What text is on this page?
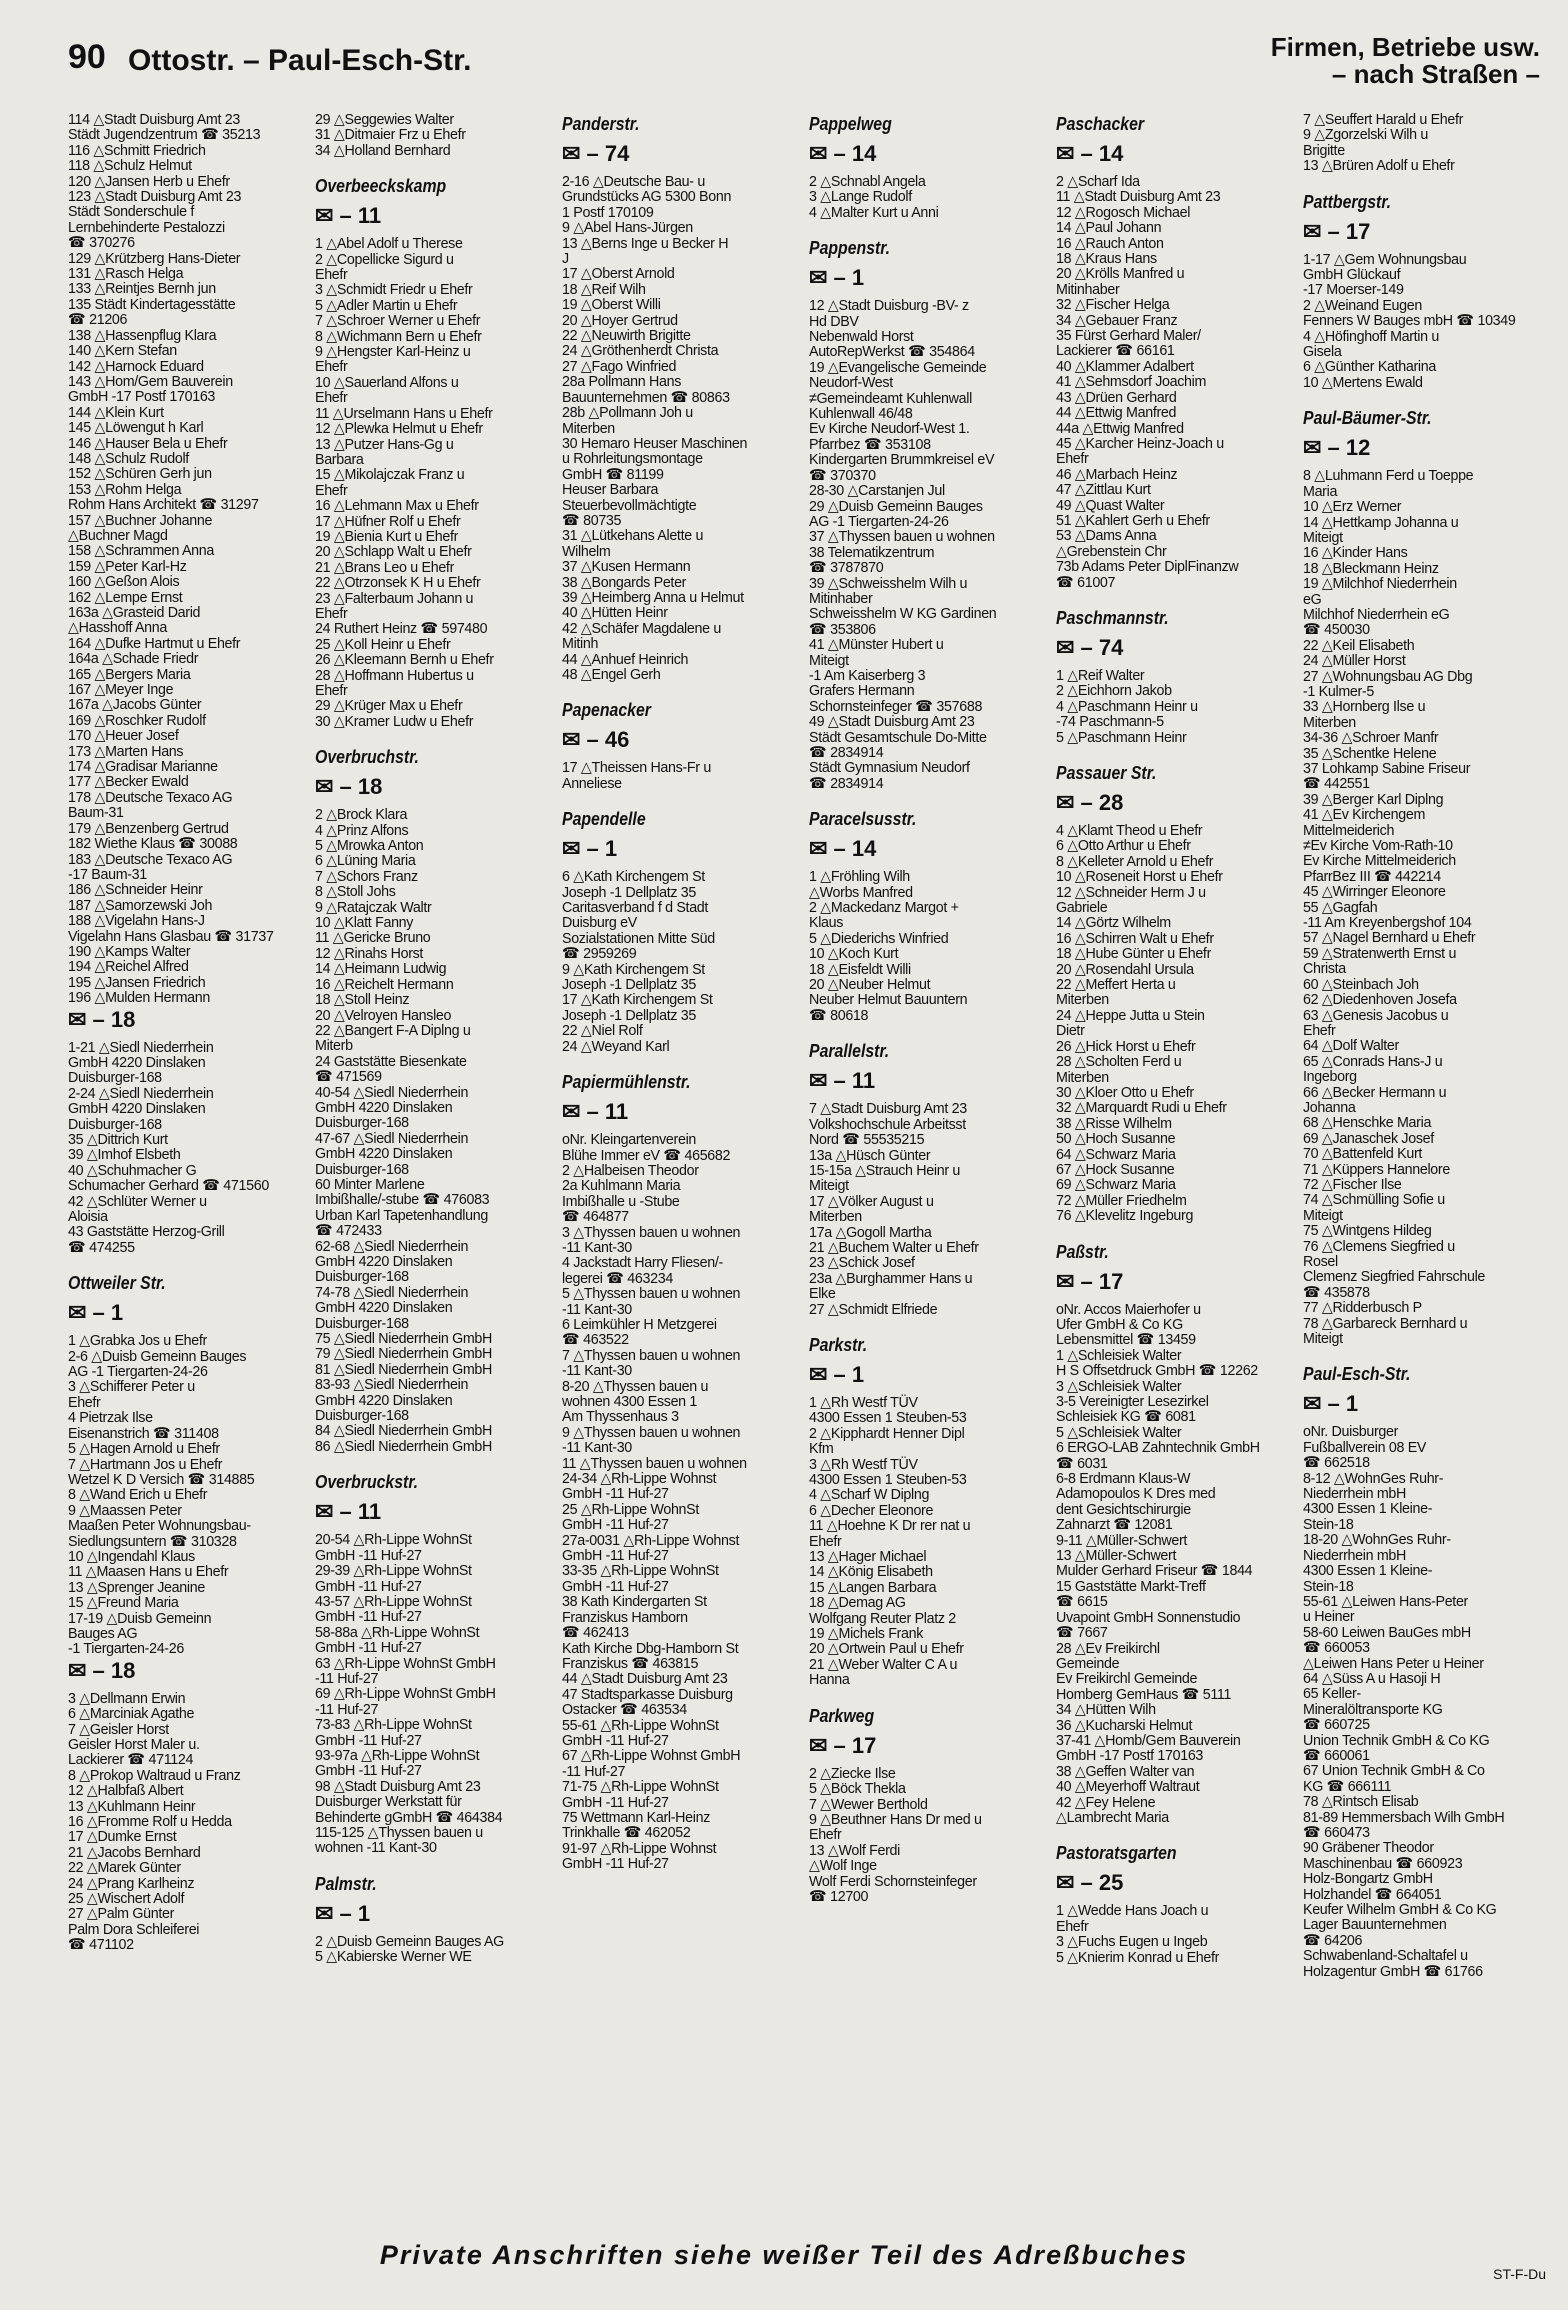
90 Ottostr. – Paul-Esch-Str.	Firmen, Betriebe usw.
– nach Straßen –
114 △Stadt Duisburg Amt 23
Städt Jugendzentrum ☎ 35213
116 △Schmitt Friedrich
118 △Schulz Helmut
120 △Jansen Herb u Ehefr
123 △Stadt Duisburg Amt 23
Städt Sonderschule f
Lernbehinderte Pestalozzi
☎ 370276
129 △Krützberg Hans-Dieter
131 △Rasch Helga
133 △Reintjes Bernh jun
135 Städt Kindertagesstätte
☎ 21206
138 △Hassenpflug Klara
140 △Kern Stefan
142 △Harnock Eduard
143 △Hom/Gem Bauverein
GmbH -17 Postf 170163
144 △Klein Kurt
145 △Löwengut h Karl
146 △Hauser Bela u Ehefr
148 △Schulz Rudolf
152 △Schüren Gerh jun
153 △Rohm Helga
Rohm Hans Architekt ☎ 31297
157 △Buchner Johanne
△Buchner Magd
158 △Schrammen Anna
159 △Peter Karl-Hz
160 △Geßon Alois
162 △Lempe Ernst
163a △Grasteid Darid
△Hasshoff Anna
164 △Dufke Hartmut u Ehefr
164a △Schade Friedr
165 △Bergers Maria
167 △Meyer Inge
167a △Jacobs Günter
169 △Roschker Rudolf
170 △Heuer Josef
173 △Marten Hans
174 △Gradisar Marianne
177 △Becker Ewald
178 △Deutsche Texaco AG
Baum-31
179 △Benzenberg Gertrud
182 Wiethe Klaus ☎ 30088
183 △Deutsche Texaco AG
-17 Baum-31
186 △Schneider Heinr
187 △Samorzewski Joh
188 △Vigelahn Hans-J
Vigelahn Hans Glasbau ☎ 31737
190 △Kamps Walter
194 △Reichel Alfred
195 △Jansen Friedrich
196 △Mulden Hermann
✉ – 18
1-21 △Siedl Niederrhein
GmbH 4220 Dinslaken
Duisburger-168
2-24 △Siedl Niederrhein
GmbH 4220 Dinslaken
Duisburger-168
35 △Dittrich Kurt
39 △Imhof Elsbeth
40 △Schuhmacher G
Schumacher Gerhard ☎ 471560
42 △Schlüter Werner u
Aloisia
43 Gaststätte Herzog-Grill
☎ 474255
Ottweiler Str.
✉ – 1
1 △Grabka Jos u Ehefr
2-6 △Duisb Gemeinn Bauges
AG -1 Tiergarten-24-26
3 △Schifferer Peter u
Ehefr
4 Pietrzak Ilse
Eisenanstrich ☎ 311408
5 △Hagen Arnold u Ehefr
7 △Hartmann Jos u Ehefr
Wetzel K D Versich ☎ 314885
8 △Wand Erich u Ehefr
9 △Maassen Peter
Maaßen Peter Wohnungsbau-
Siedlungsuntern ☎ 310328
10 △Ingendahl Klaus
11 △Maasen Hans u Ehefr
13 △Sprenger Jeanine
15 △Freund Maria
17-19 △Duisb Gemeinn
Bauges AG
-1 Tiergarten-24-26
✉ – 18
3 △Dellmann Erwin
6 △Marciniak Agathe
7 △Geisler Horst
Geisler Horst Maler u.
Lackierer ☎ 471124
8 △Prokop Waltraud u Franz
12 △Halbfaß Albert
13 △Kuhlmann Heinr
16 △Fromme Rolf u Hedda
17 △Dumke Ernst
21 △Jacobs Bernhard
22 △Marek Günter
24 △Prang Karlheinz
25 △Wischert Adolf
27 △Palm Günter
Palm Dora Schleiferei
☎ 471102
29 △Seggewies Walter
31 △Ditmaier Frz u Ehefr
34 △Holland Bernhard
Overbeeckskamp
✉ – 11
1 △Abel Adolf u Therese
2 △Copellicke Sigurd u
Ehefr
3 △Schmidt Friedr u Ehefr
5 △Adler Martin u Ehefr
7 △Schroer Werner u Ehefr
8 △Wichmann Bern u Ehefr
9 △Hengster Karl-Heinz u
Ehefr
10 △Sauerland Alfons u
Ehefr
11 △Urselmann Hans u Ehefr
12 △Plewka Helmut u Ehefr
13 △Putzer Hans-Gg u
Barbara
15 △Mikolajczak Franz u
Ehefr
16 △Lehmann Max u Ehefr
17 △Hüfner Rolf u Ehefr
19 △Bienia Kurt u Ehefr
20 △Schlapp Walt u Ehefr
21 △Brans Leo u Ehefr
22 △Otrzonsek K H u Ehefr
23 △Falterbaum Johann u
Ehefr
24 Ruthert Heinz ☎ 597480
25 △Koll Heinr u Ehefr
26 △Kleemann Bernh u Ehefr
28 △Hoffmann Hubertus u
Ehefr
29 △Krüger Max u Ehefr
30 △Kramer Ludw u Ehefr
Overbruchstr.
✉ – 18
2 △Brock Klara
4 △Prinz Alfons
5 △Mrowka Anton
6 △Lüning Maria
7 △Schors Franz
8 △Stoll Johs
9 △Ratajczak Waltr
10 △Klatt Fanny
11 △Gericke Bruno
12 △Rinahs Horst
14 △Heimann Ludwig
16 △Reichelt Hermann
18 △Stoll Heinz
20 △Velroyen Hansleo
22 △Bangert F-A Diplng u
Miterb
24 Gaststätte Biesenkate
☎ 471569
40-54 △Siedl Niederrhein
GmbH 4220 Dinslaken
Duisburger-168
47-67 △Siedl Niederrhein
GmbH 4220 Dinslaken
Duisburger-168
60 Minter Marlene
Imbißhalle/-stube ☎ 476083
Urban Karl Tapetenhandlung
☎ 472433
62-68 △Siedl Niederrhein
GmbH 4220 Dinslaken
Duisburger-168
74-78 △Siedl Niederrhein
GmbH 4220 Dinslaken
Duisburger-168
75 △Siedl Niederrhein GmbH
79 △Siedl Niederrhein GmbH
81 △Siedl Niederrhein GmbH
83-93 △Siedl Niederrhein
GmbH 4220 Dinslaken
Duisburger-168
84 △Siedl Niederrhein GmbH
86 △Siedl Niederrhein GmbH
Overbruckstr.
✉ – 11
20-54 △Rh-Lippe WohnSt
GmbH -11 Huf-27
29-39 △Rh-Lippe WohnSt
GmbH -11 Huf-27
43-57 △Rh-Lippe WohnSt
GmbH -11 Huf-27
58-88a △Rh-Lippe WohnSt
GmbH -11 Huf-27
63 △Rh-Lippe WohnSt GmbH
-11 Huf-27
69 △Rh-Lippe WohnSt GmbH
-11 Huf-27
73-83 △Rh-Lippe WohnSt
GmbH -11 Huf-27
93-97a △Rh-Lippe WohnSt
GmbH -11 Huf-27
98 △Stadt Duisburg Amt 23
Duisburger Werkstatt für
Behinderte gGmbH ☎ 464384
115-125 △Thyssen bauen u
wohnen -11 Kant-30
Palmstr.
✉ – 1
2 △Duisb Gemeinn Bauges AG
5 △Kabierske Werner WE
Panderstr.
✉ – 74
2-16 △Deutsche Bau- u
Grundstücks AG 5300 Bonn
1 Postf 170109
9 △Abel Hans-Jürgen
13 △Berns Inge u Becker H
J
17 △Oberst Arnold
18 △Reif Wilh
19 △Oberst Willi
20 △Hoyer Gertrud
22 △Neuwirth Brigitte
24 △Gröthenherdt Christa
27 △Fago Winfried
28a Pollmann Hans
Bauunternehmen ☎ 80863
28b △Pollmann Joh u
Miterben
30 Hemaro Heuser Maschinen
u Rohrleitungsmontage
GmbH ☎ 81199
Heuser Barbara
Steuerbevollmächtigte
☎ 80735
31 △Lütkehans Alette u
Wilhelm
37 △Kusen Hermann
38 △Bongards Peter
39 △Heimberg Anna u Helmut
40 △Hütten Heinr
42 △Schäfer Magdalene u
Mitinh
44 △Anhuef Heinrich
48 △Engel Gerh
Papenacker
✉ – 46
17 △Theissen Hans-Fr u
Anneliese
Papendelle
✉ – 1
6 △Kath Kirchengem St
Joseph -1 Dellplatz 35
Caritasverband f d Stadt
Duisburg eV
Sozialstationen Mitte Süd
☎ 2959269
9 △Kath Kirchengem St
Joseph -1 Dellplatz 35
17 △Kath Kirchengem St
Joseph -1 Dellplatz 35
22 △Niel Rolf
24 △Weyand Karl
Papiermühlenstr.
✉ – 11
oNr. Kleingartenverein
Blühe Immer eV ☎ 465682
2 △Halbeisen Theodor
2a Kuhlmann Maria
Imbißhalle u -Stube
☎ 464877
3 △Thyssen bauen u wohnen
-11 Kant-30
4 Jackstadt Harry Fliesen/-
legerei ☎ 463234
5 △Thyssen bauen u wohnen
-11 Kant-30
6 Leimkühler H Metzgerei
☎ 463522
7 △Thyssen bauen u wohnen
-11 Kant-30
8-20 △Thyssen bauen u
wohnen 4300 Essen 1
Am Thyssenhaus 3
9 △Thyssen bauen u wohnen
-11 Kant-30
11 △Thyssen bauen u wohnen
24-34 △Rh-Lippe Wohnst
GmbH -11 Huf-27
25 △Rh-Lippe WohnSt
GmbH -11 Huf-27
27a-0031 △Rh-Lippe Wohnst
GmbH -11 Huf-27
33-35 △Rh-Lippe WohnSt
GmbH -11 Huf-27
38 Kath Kindergarten St
Franziskus Hamborn
☎ 462413
Kath Kirche Dbg-Hamborn St
Franziskus ☎ 463815
44 △Stadt Duisburg Amt 23
47 Stadtsparkasse Duisburg
Ostacker ☎ 463534
55-61 △Rh-Lippe WohnSt
GmbH -11 Huf-27
67 △Rh-Lippe Wohnst GmbH
-11 Huf-27
71-75 △Rh-Lippe WohnSt
GmbH -11 Huf-27
75 Wettmann Karl-Heinz
Trinkhalle ☎ 462052
91-97 △Rh-Lippe Wohnst
GmbH -11 Huf-27
Pappelweg
✉ – 14
2 △Schnabl Angela
3 △Lange Rudolf
4 △Malter Kurt u Anni
Pappenstr.
✉ – 1
12 △Stadt Duisburg -BV- z
Hd DBV
Nebenwald Horst
AutoRepWerkst ☎ 354864
19 △Evangelische Gemeinde
Neudorf-West
≠Gemeindeamt Kuhlenwall
Kuhlenwall 46/48
Ev Kirche Neudorf-West 1.
Pfarrbez ☎ 353108
Kindergarten Brummkreisel eV
☎ 370370
28-30 △Carstanjen Jul
29 △Duisb Gemeinn Bauges
AG -1 Tiergarten-24-26
37 △Thyssen bauen u wohnen
38 Telematikzentrum
☎ 3787870
39 △Schweisshelm Wilh u
Mitinhaber
Schweisshelm W KG Gardinen
☎ 353806
41 △Münster Hubert u
Miteigt
-1 Am Kaiserberg 3
Grafers Hermann
Schornsteinfeger ☎ 357688
49 △Stadt Duisburg Amt 23
Städt Gesamtschule Do-Mitte
☎ 2834914
Städt Gymnasium Neudorf
☎ 2834914
Paracelsusstr.
✉ – 14
1 △Fröhling Wilh
△Worbs Manfred
2 △Mackedanz Margot +
Klaus
5 △Diederichs Winfried
10 △Koch Kurt
18 △Eisfeldt Willi
20 △Neuber Helmut
Neuber Helmut Bauuntern
☎ 80618
Parallelstr.
✉ – 11
7 △Stadt Duisburg Amt 23
Volkshochschule Arbeitsst
Nord ☎ 55535215
13a △Hüsch Günter
15-15a △Strauch Heinr u
Miteigt
17 △Völker August u
Miterben
17a △Gogoll Martha
21 △Buchem Walter u Ehefr
23 △Schick Josef
23a △Burghammer Hans u
Elke
27 △Schmidt Elfriede
Parkstr.
✉ – 1
1 △Rh Westf TÜV
4300 Essen 1 Steuben-53
2 △Kipphardt Henner Dipl
Kfm
3 △Rh Westf TÜV
4300 Essen 1 Steuben-53
4 △Scharf W Diplng
6 △Decher Eleonore
11 △Hoehne K Dr rer nat u
Ehefr
13 △Hager Michael
14 △König Elisabeth
15 △Langen Barbara
18 △Demag AG
Wolfgang Reuter Platz 2
19 △Michels Frank
20 △Ortwein Paul u Ehefr
21 △Weber Walter C A u
Hanna
Parkweg
✉ – 17
2 △Ziecke Ilse
5 △Böck Thekla
7 △Wewer Berthold
9 △Beuthner Hans Dr med u
Ehefr
13 △Wolf Ferdi
△Wolf Inge
Wolf Ferdi Schornsteinfeger
☎ 12700
Paschacker
✉ – 14
2 △Scharf Ida
11 △Stadt Duisburg Amt 23
12 △Rogosch Michael
14 △Paul Johann
16 △Rauch Anton
18 △Kraus Hans
20 △Krölls Manfred u
Mitinhaber
32 △Fischer Helga
34 △Gebauer Franz
35 Fürst Gerhard Maler/
Lackierer ☎ 66161
40 △Klammer Adalbert
41 △Sehmsdorf Joachim
43 △Drüen Gerhard
44 △Ettwig Manfred
44a △Ettwig Manfred
45 △Karcher Heinz-Joach u
Ehefr
46 △Marbach Heinz
47 △Zittlau Kurt
49 △Quast Walter
51 △Kahlert Gerh u Ehefr
53 △Dams Anna
△Grebenstein Chr
73b Adams Peter DiplFinanzw
☎ 61007
Paschmannstr.
✉ – 74
1 △Reif Walter
2 △Eichhorn Jakob
4 △Paschmann Heinr u
-74 Paschmann-5
5 △Paschmann Heinr
Passauer Str.
✉ – 28
4 △Klamt Theod u Ehefr
6 △Otto Arthur u Ehefr
8 △Kelleter Arnold u Ehefr
10 △Roseneit Horst u Ehefr
12 △Schneider Herm J u
Gabriele
14 △Görtz Wilhelm
16 △Schirren Walt u Ehefr
18 △Hube Günter u Ehefr
20 △Rosendahl Ursula
22 △Meffert Herta u
Miterben
24 △Heppe Jutta u Stein
Dietr
26 △Hick Horst u Ehefr
28 △Scholten Ferd u
Miterben
30 △Kloer Otto u Ehefr
32 △Marquardt Rudi u Ehefr
38 △Risse Wilhelm
50 △Hoch Susanne
64 △Schwarz Maria
67 △Hock Susanne
69 △Schwarz Maria
72 △Müller Friedhelm
76 △Klevelitz Ingeburg
Paßstr.
✉ – 17
oNr. Accos Maierhofer u
Ufer GmbH & Co KG
Lebensmittel ☎ 13459
1 △Schleisiek Walter
H S Offsetdruck GmbH ☎ 12262
3 △Schleisiek Walter
3-5 Vereinigter Lesezirkel
Schleisiek KG ☎ 6081
5 △Schleisiek Walter
6 ERGO-LAB Zahntechnik GmbH
☎ 6031
6-8 Erdmann Klaus-W
Adamopoulos K Dres med
dent Gesichtschirurgie
Zahnarzt ☎ 12081
9-11 △Müller-Schwert
13 △Müller-Schwert
Mulder Gerhard Friseur ☎ 1844
15 Gaststätte Markt-Treff
☎ 6615
Uvapoint GmbH Sonnenstudio
☎ 7667
28 △Ev Freikirchl
Gemeinde
Ev Freikirchl Gemeinde
Homberg GemHaus ☎ 5111
34 △Hütten Wilh
36 △Kucharski Helmut
37-41 △Homb/Gem Bauverein
GmbH -17 Postf 170163
38 △Geffen Walter van
40 △Meyerhoff Waltraut
42 △Fey Helene
△Lambrecht Maria
Pastoratsgarten
✉ – 25
1 △Wedde Hans Joach u
Ehefr
3 △Fuchs Eugen u Ingeb
5 △Knierim Konrad u Ehefr
7 △Seuffert Harald u Ehefr
9 △Zgorzelski Wilh u
Brigitte
13 △Brüren Adolf u Ehefr
Pattbergstr.
✉ – 17
1-17 △Gem Wohnungsbau
GmbH Glückauf
-17 Moerser-149
2 △Weinand Eugen
Fenners W Bauges mbH ☎ 10349
4 △Höfinghoff Martin u
Gisela
6 △Günther Katharina
10 △Mertens Ewald
Paul-Bäumer-Str.
✉ – 12
8 △Luhmann Ferd u Toeppe
Maria
10 △Erz Werner
14 △Hettkamp Johanna u
Miteigt
16 △Kinder Hans
18 △Bleckmann Heinz
19 △Milchhof Niederrhein
eG
Milchhof Niederrhein eG
☎ 450030
22 △Keil Elisabeth
24 △Müller Horst
27 △Wohnungsbau AG Dbg
-1 Kulmer-5
33 △Hornberg Ilse u
Miterben
34-36 △Schroer Manfr
35 △Schentke Helene
37 Lohkamp Sabine Friseur
☎ 442551
39 △Berger Karl Diplng
41 △Ev Kirchengem
Mittelmeiderich
≠Ev Kirche Vom-Rath-10
Ev Kirche Mittelmeiderich
PfarrBez III ☎ 442214
45 △Wirringer Eleonore
55 △Gagfah
-11 Am Kreyenbergshof 104
57 △Nagel Bernhard u Ehefr
59 △Stratenwerth Ernst u
Christa
60 △Steinbach Joh
62 △Diedenhoven Josefa
63 △Genesis Jacobus u
Ehefr
64 △Dolf Walter
65 △Conrads Hans-J u
Ingeborg
66 △Becker Hermann u
Johanna
68 △Henschke Maria
69 △Janaschek Josef
70 △Battenfeld Kurt
71 △Küppers Hannelore
72 △Fischer Ilse
74 △Schmülling Sofie u
Miteigt
75 △Wintgens Hildeg
76 △Clemens Siegfried u
Rosel
Clemenz Siegfried Fahrschule
☎ 435878
77 △Ridderbusch P
78 △Garbareck Bernhard u
Miteigt
Paul-Esch-Str.
✉ – 1
oNr. Duisburger
Fußballverein 08 EV
☎ 662518
8-12 △WohnGes Ruhr-
Niederrhein mbH
4300 Essen 1 Kleine-
Stein-18
18-20 △WohnGes Ruhr-
Niederrhein mbH
4300 Essen 1 Kleine-
Stein-18
55-61 △Leiwen Hans-Peter
u Heiner
58-60 Leiwen BauGes mbH
☎ 660053
△Leiwen Hans Peter u Heiner
64 △Süss A u Hasoji H
65 Keller-
Mineralöltransporte KG
☎ 660725
Union Technik GmbH & Co KG
☎ 660061
67 Union Technik GmbH & Co
KG ☎ 666111
78 △Rintsch Elisab
81-89 Hemmersbach Wilh GmbH
☎ 660473
90 Gräbener Theodor
Maschinenbau ☎ 660923
Holz-Bongartz GmbH
Holzhandel ☎ 664051
Keufer Wilhelm GmbH & Co KG
Lager Bauunternehmen
☎ 64206
Schwabenland-Schaltafel u
Holzagentur GmbH ☎ 61766
Private Anschriften siehe weißer Teil des Adreßbuches
ST-F-Du
